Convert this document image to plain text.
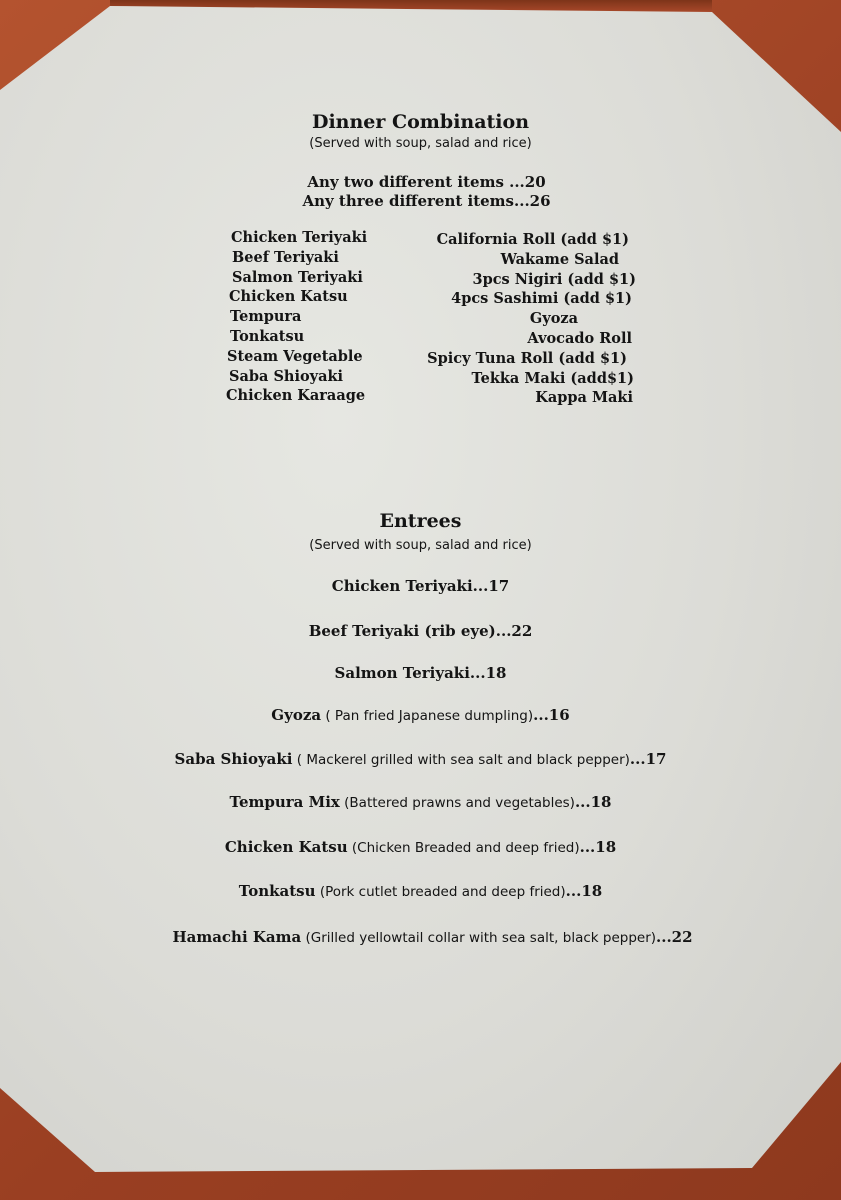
Dinner Combination
(Served with soup, salad and rice)
Any two different items ...20
Any three different items...26
Chicken Teriyaki
Beef Teriyaki
Salmon Teriyaki
Chicken Katsu
Tempura
Tonkatsu
Steam Vegetable
Saba Shioyaki
Chicken Karaage
California Roll (add $1)
Wakame Salad
3pcs Nigiri (add $1)
4pcs Sashimi (add $1)
Gyoza
Avocado Roll
Spicy Tuna Roll (add $1)
Tekka Maki (add$1)
Kappa Maki
Entrees
(Served with soup, salad and rice)
Chicken Teriyaki...17
Beef Teriyaki (rib eye)...22
Salmon Teriyaki...18
Gyoza ( Pan fried Japanese dumpling)...16
Saba Shioyaki ( Mackerel grilled with sea salt and black pepper)...17
Tempura Mix (Battered prawns and vegetables)...18
Chicken Katsu (Chicken Breaded and deep fried)...18
Tonkatsu (Pork cutlet breaded and deep fried)...18
Hamachi Kama (Grilled yellowtail collar with sea salt, black pepper)...22
